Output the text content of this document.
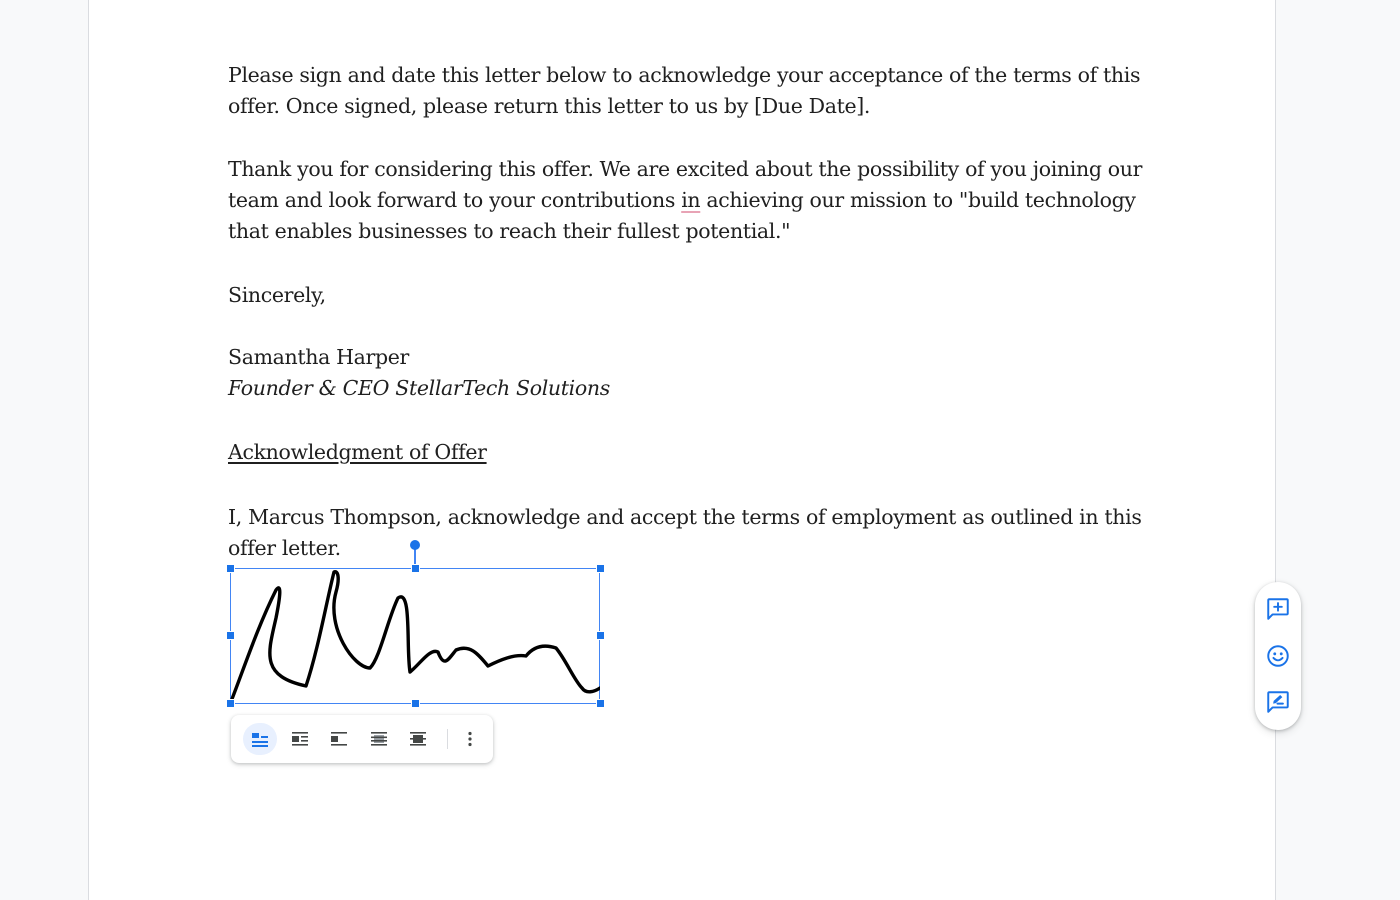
Please sign and date this letter below to acknowledge your acceptance of the terms of this
offer. Once signed, please return this letter to us by [Due Date].

Thank you for considering this offer. We are excited about the possibility of you joining our
team and look forward to your contributions in achieving our mission to "build technology
that enables businesses to reach their fullest potential."

Sincerely,

Samantha Harper

Founder & CEO StellarTech Solutions

Acknowledgment of Offer

I, Marcus Thompson, acknowledge and accept the terms of employment as outlined in this
offer letter.
